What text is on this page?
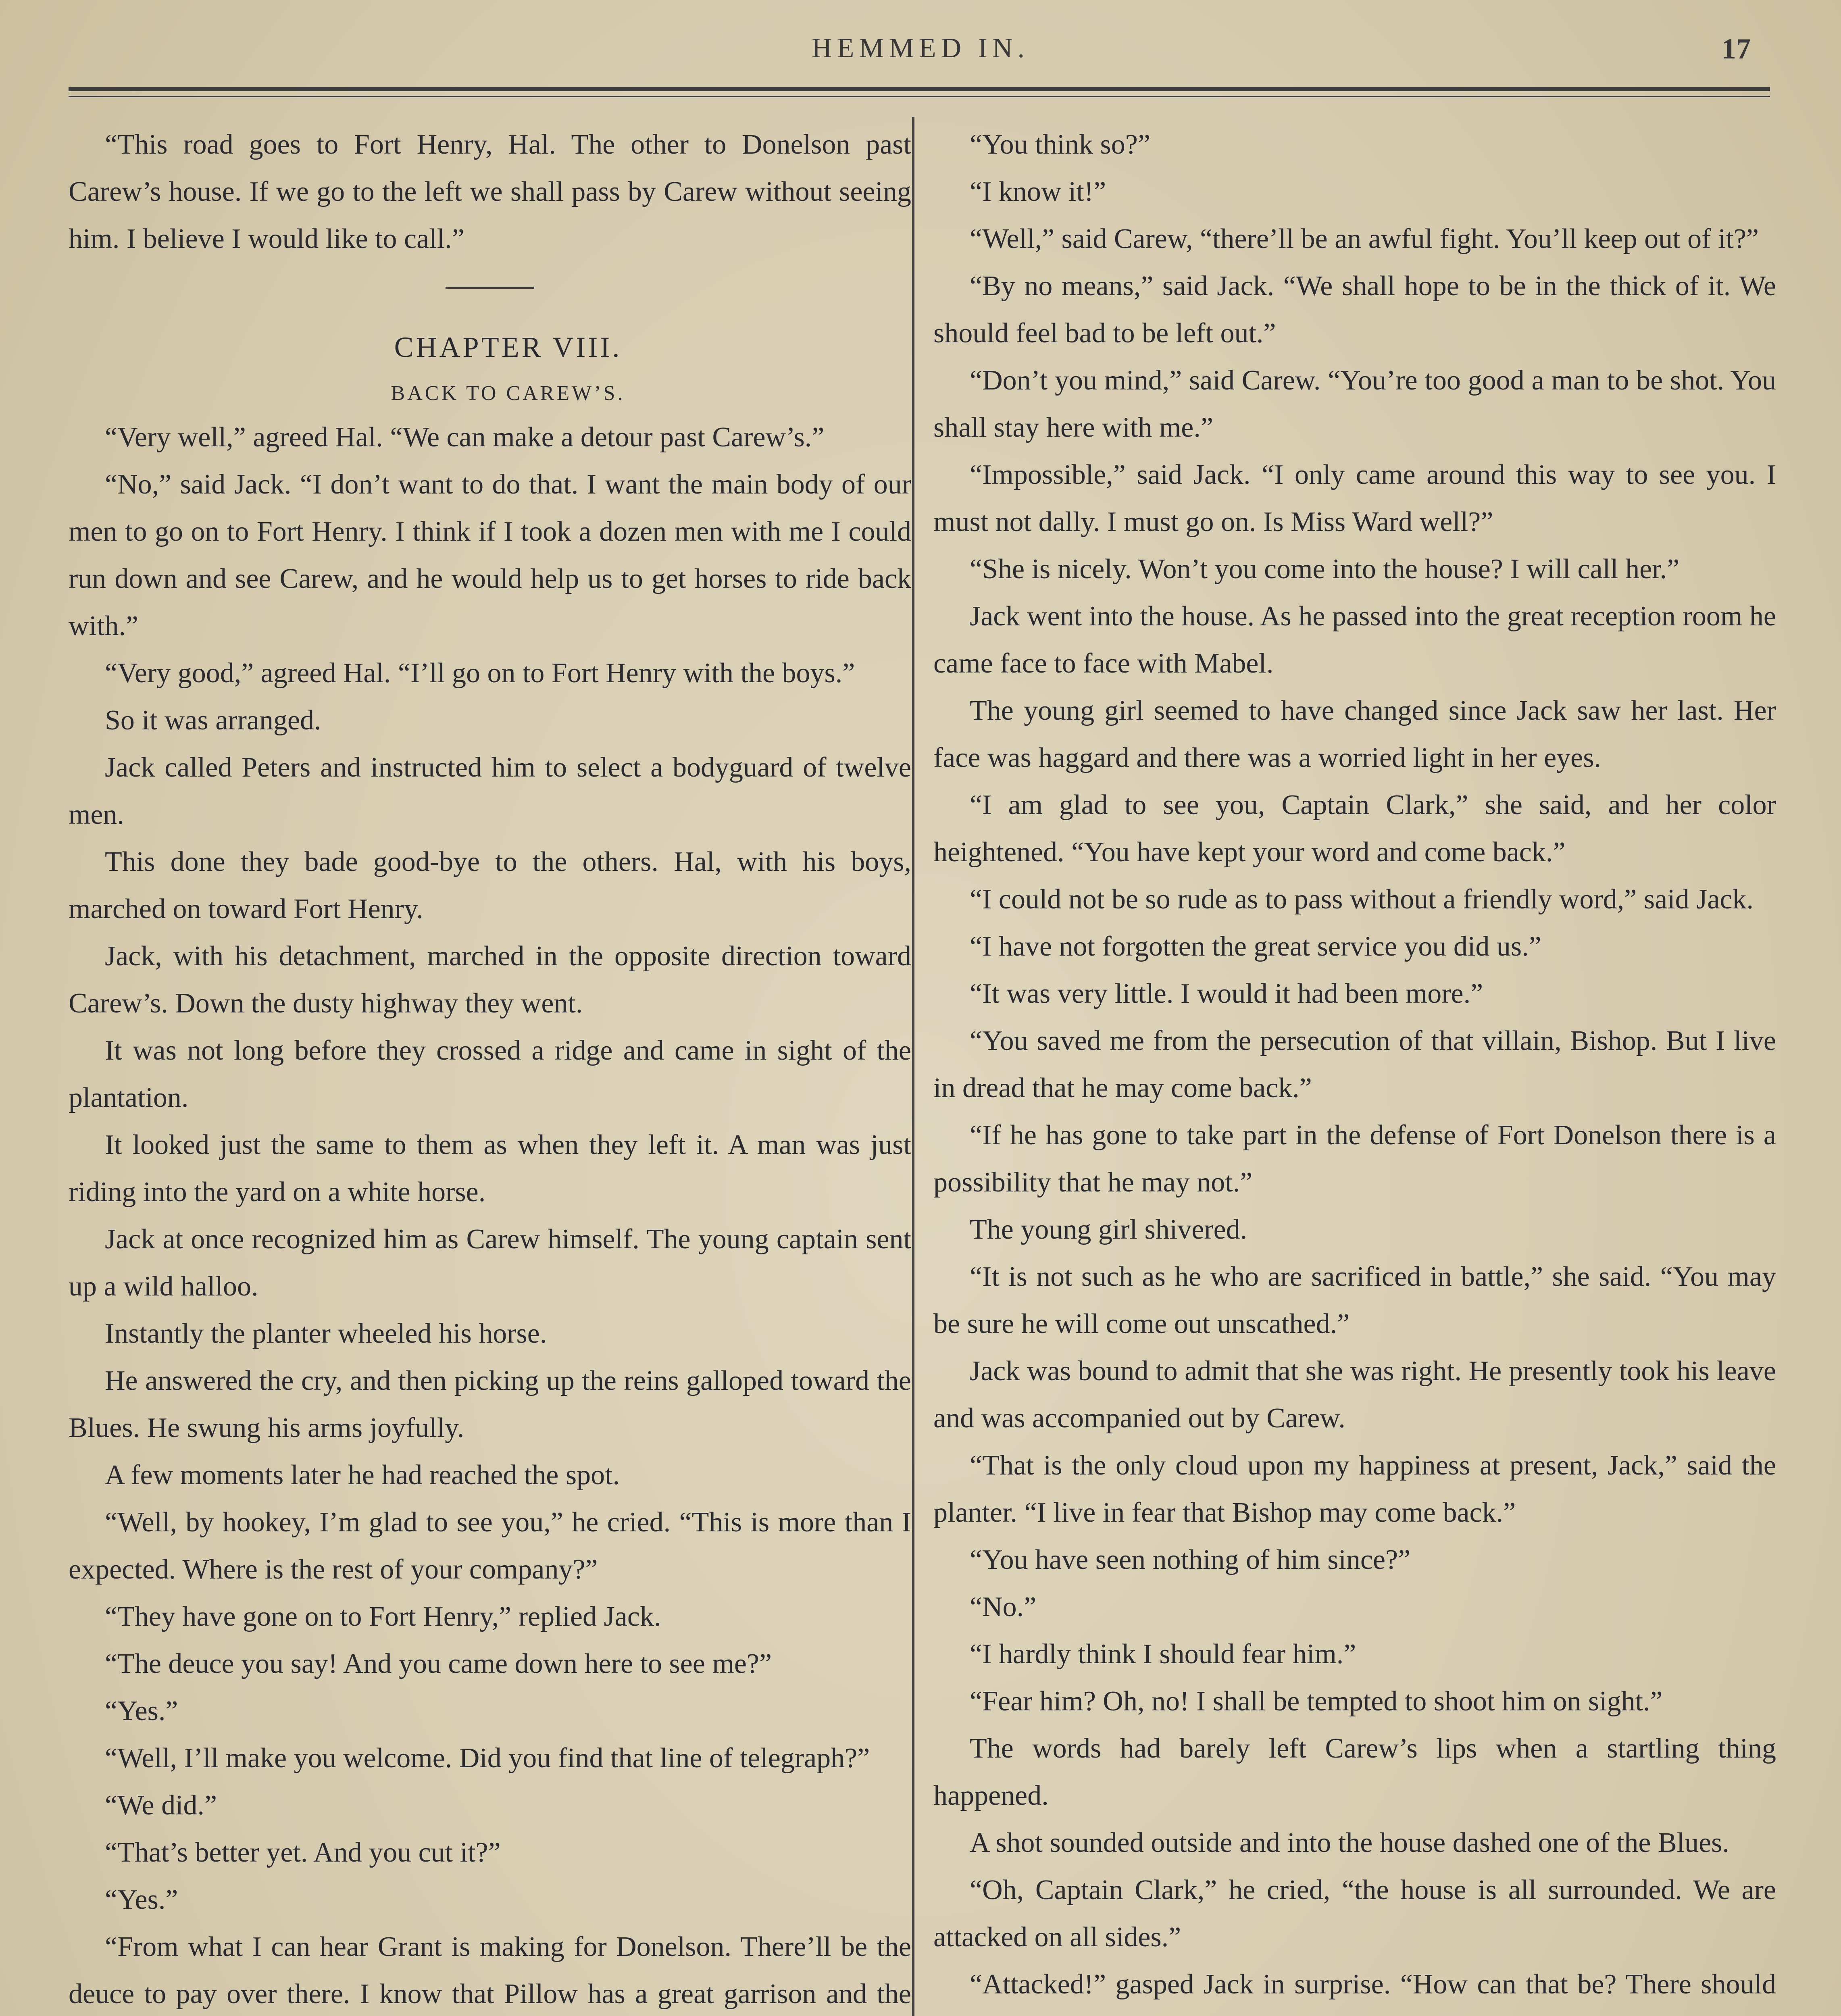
HEMMED IN.	17

“This road goes to Fort Henry, Hal. The other to Donelson past Carew’s house. If we go to the left we shall pass by Carew without seeing him. I believe I would like to call.”

CHAPTER VIII.

BACK TO CAREW’S.

“Very well,” agreed Hal. “We can make a detour past Carew’s.”

“No,” said Jack. “I don’t want to do that. I want the main body of our men to go on to Fort Henry. I think if I took a dozen men with me I could run down and see Carew, and he would help us to get horses to ride back with.”

“Very good,” agreed Hal. “I’ll go on to Fort Henry with the boys.”

So it was arranged.

Jack called Peters and instructed him to select a bodyguard of twelve men.

This done they bade good-bye to the others. Hal, with his boys, marched on toward Fort Henry.

Jack, with his detachment, marched in the opposite direction toward Carew’s. Down the dusty highway they went.

It was not long before they crossed a ridge and came in sight of the plantation.

It looked just the same to them as when they left it. A man was just riding into the yard on a white horse.

Jack at once recognized him as Carew himself. The young captain sent up a wild halloo.

Instantly the planter wheeled his horse.

He answered the cry, and then picking up the reins galloped toward the Blues. He swung his arms joyfully.

A few moments later he had reached the spot.

“Well, by hookey, I’m glad to see you,” he cried. “This is more than I expected. Where is the rest of your company?”

“They have gone on to Fort Henry,” replied Jack.

“The deuce you say! And you came down here to see me?”

“Yes.”

“Well, I’ll make you welcome. Did you find that line of telegraph?”

“We did.”

“That’s better yet. And you cut it?”

“Yes.”

“From what I can hear Grant is making for Donelson. There’ll be the deuce to pay over there. I know that Pillow has a great garrison and the

“You think so?”

“I know it!”

“Well,” said Carew, “there’ll be an awful fight. You’ll keep out of it?”

“By no means,” said Jack. “We shall hope to be in the thick of it. We should feel bad to be left out.”

“Don’t you mind,” said Carew. “You’re too good a man to be shot. You shall stay here with me.”

“Impossible,” said Jack. “I only came around this way to see you. I must not dally. I must go on. Is Miss Ward well?”

“She is nicely. Won’t you come into the house? I will call her.”

Jack went into the house. As he passed into the great reception room he came face to face with Mabel.

The young girl seemed to have changed since Jack saw her last. Her face was haggard and there was a worried light in her eyes.

“I am glad to see you, Captain Clark,” she said, and her color heightened. “You have kept your word and come back.”

“I could not be so rude as to pass without a friendly word,” said Jack.

“I have not forgotten the great service you did us.”

“It was very little. I would it had been more.”

“You saved me from the persecution of that villain, Bishop. But I live in dread that he may come back.”

“If he has gone to take part in the defense of Fort Donelson there is a possibility that he may not.”

The young girl shivered.

“It is not such as he who are sacrificed in battle,” she said. “You may be sure he will come out unscathed.”

Jack was bound to admit that she was right. He presently took his leave and was accompanied out by Carew.

“That is the only cloud upon my happiness at present, Jack,” said the planter. “I live in fear that Bishop may come back.”

“You have seen nothing of him since?”

“No.”

“I hardly think I should fear him.”

“Fear him? Oh, no! I shall be tempted to shoot him on sight.”

The words had barely left Carew’s lips when a startling thing happened.

A shot sounded outside and into the house dashed one of the Blues.

“Oh, Captain Clark,” he cried, “the house is all surrounded. We are attacked on all sides.”

“Attacked!” gasped Jack in surprise. “How can that be? There should
